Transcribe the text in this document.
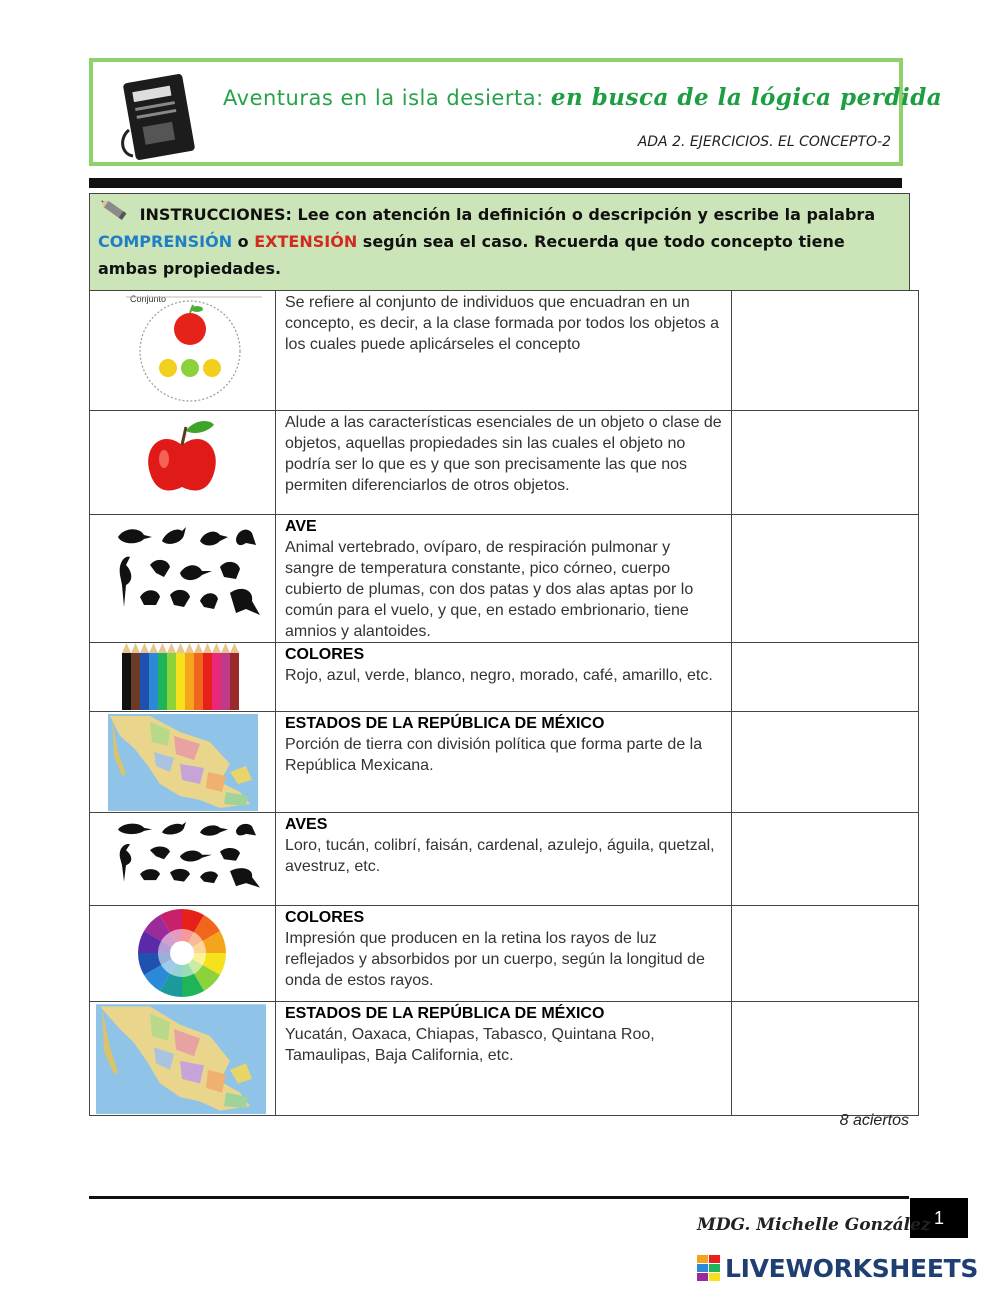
Aventuras en la isla desierta: en busca de la lógica perdida
ADA 2. EJERCICIOS. EL CONCEPTO-2
INSTRUCCIONES: Lee con atención la definición o descripción y escribe la palabra
COMPRENSIÓN o EXTENSIÓN según sea el caso. Recuerda que todo concepto tiene ambas propiedades.
Conjunto	Se refiere al conjunto de individuos que encuadran en un concepto, es decir, a la clase formada por todos los objetos a los cuales puede aplicárseles el concepto	

	Alude a las características esenciales de un objeto o clase de objetos, aquellas propiedades sin las cuales el objeto no podría ser lo que es y que son precisamente las que nos permiten diferenciarlos de otros objetos.	

AVE
Animal vertebrado, ovíparo, de respiración pulmonar y sangre de temperatura constante, pico córneo, cuerpo cubierto de plumas, con dos patas y dos alas aptas por lo común para el vuelo, y que, en estado embrionario, tiene amnios y alantoides.	

COLORES
Rojo, azul, verde, blanco, negro, morado, café, amarillo, etc.	

ESTADOS DE LA REPÚBLICA DE MÉXICO
Porción de tierra con división política que forma parte de la República Mexicana.	

AVES
Loro, tucán, colibrí, faisán, cardenal, azulejo, águila, quetzal, avestruz, etc.	

COLORES
Impresión que producen en la retina los rayos de luz reflejados y absorbidos por un cuerpo, según la longitud de onda de estos rayos.	

ESTADOS DE LA REPÚBLICA DE MÉXICO
Yucatán, Oaxaca, Chiapas, Tabasco, Quintana Roo, Tamaulipas, Baja California, etc.	
8 aciertos
1
MDG. Michelle González
LIVEWORKSHEETS
